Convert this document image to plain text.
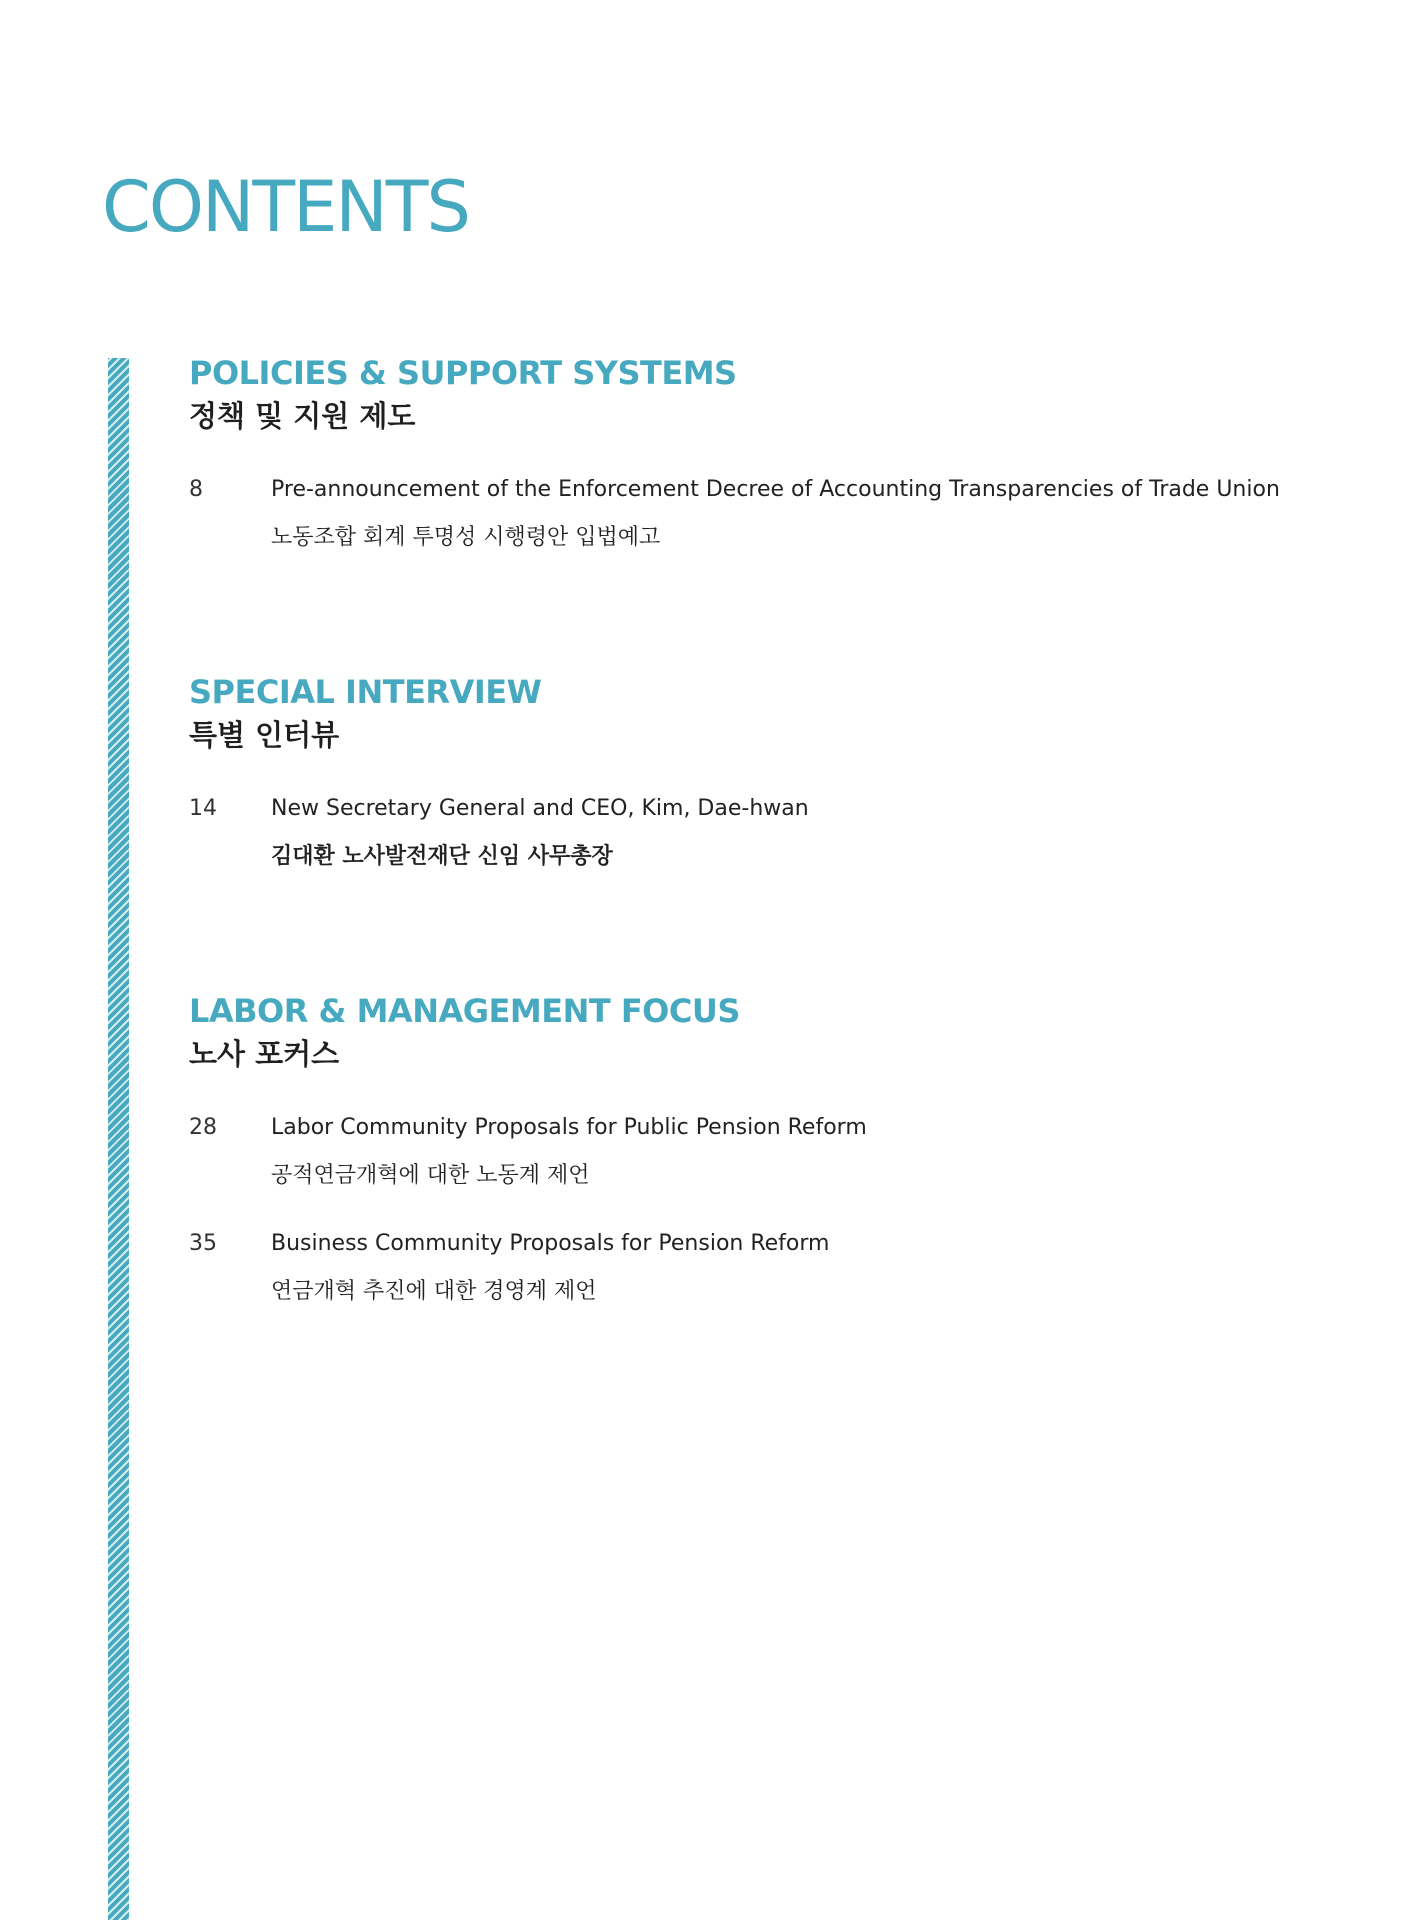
CONTENTS
POLICIES & SUPPORT SYSTEMS
정책 및 지원 제도
8	Pre-announcement of the Enforcement Decree of Accounting Transparencies of Trade Union
노동조합 회계 투명성 시행령안 입법예고
SPECIAL INTERVIEW
특별 인터뷰
14	New Secretary General and CEO, Kim, Dae-hwan
김대환 노사발전재단 신임 사무총장
LABOR & MANAGEMENT FOCUS
노사 포커스
28	Labor Community Proposals for Public Pension Reform
공적연금개혁에 대한 노동계 제언
35	Business Community Proposals for Pension Reform
연금개혁 추진에 대한 경영계 제언
